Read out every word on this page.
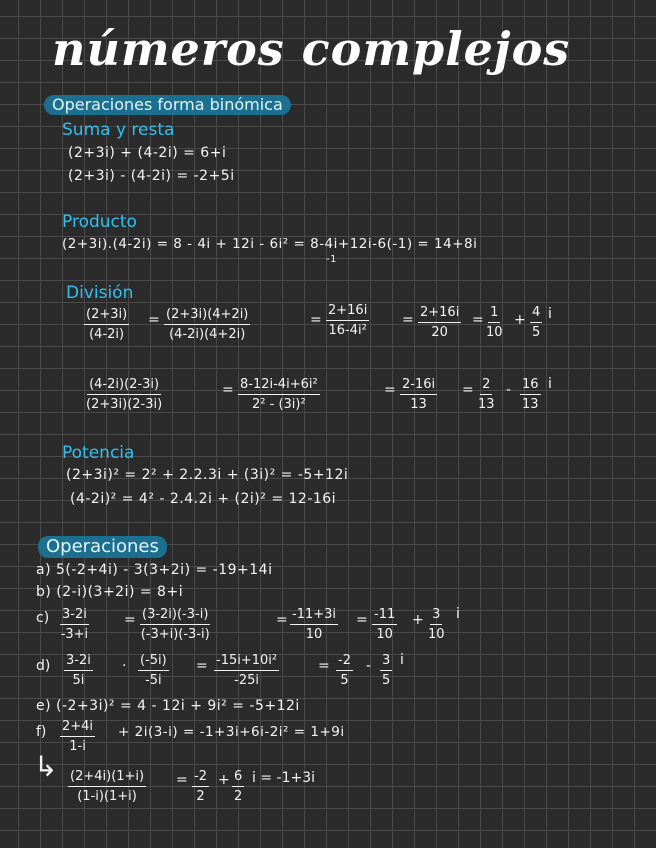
números complejos
Operaciones forma binómica
Suma y resta
(2+3i) + (4-2i) = 6+i
(2+3i) - (4-2i) = -2+5i
Producto
(2+3i).(4-2i) = 8 - 4i + 12i - 6i² = 8-4i+12i-6(-1) = 14+8i
-1
División
$\frac{(2+3i)}{(4-2i)} = \frac{(2+3i)(4+2i)}{(4-2i)(4+2i)}$	= $\frac{2+16i}{\text{16-4i²}} = \frac{2+16i}{20} = \frac{1}{10} + \frac{4}{5}$ i
$\frac{(4-2i)(2-3i)}{(2+3i)(2-3i)}$	= $\frac{\text{8-12i-4i+6i²}}{\text{2² - (3i)²}}$	= $\frac{2-16i}{13} = \frac{2}{13} - \frac{16}{13}$ i
Potencia
(2+3i)² = 2² + 2.2.3i + (3i)² = -5+12i
(4-2i)² = 4² - 2.4.2i + (2i)² = 12-16i
Operaciones
a) 5(-2+4i) - 3(3+2i) = -19+14i
b) (2-i)(3+2i) = 8+i
$c) \frac{3-2i}{-3+i}$	= $\frac{(3-2i)(-3-i)}{(-3+i)(-3-i)}$	= $\frac{-11+3i}{10} = \frac{-11}{10} + \frac{3}{10}$ i
$d) \frac{3-2i}{5i} \cdot \frac{(-5i)}{-5i} = \frac{\text{-15i+10i²}}{-25i}$	= $\frac{-2}{5} - \frac{3}{5}$ i
e) (-2+3i)² = 4 - 12i + 9i² = -5+12i
$f) \frac{2+4i}{1-i} + 2i(3-i) = -1+3i+6i-2i^2 = 1+9i$
↳
$\frac{(2+4i)(1+i)}{(1-i)(1+i)} = \frac{-2}{2} + \frac{6}{2}$ i = -1+3i
